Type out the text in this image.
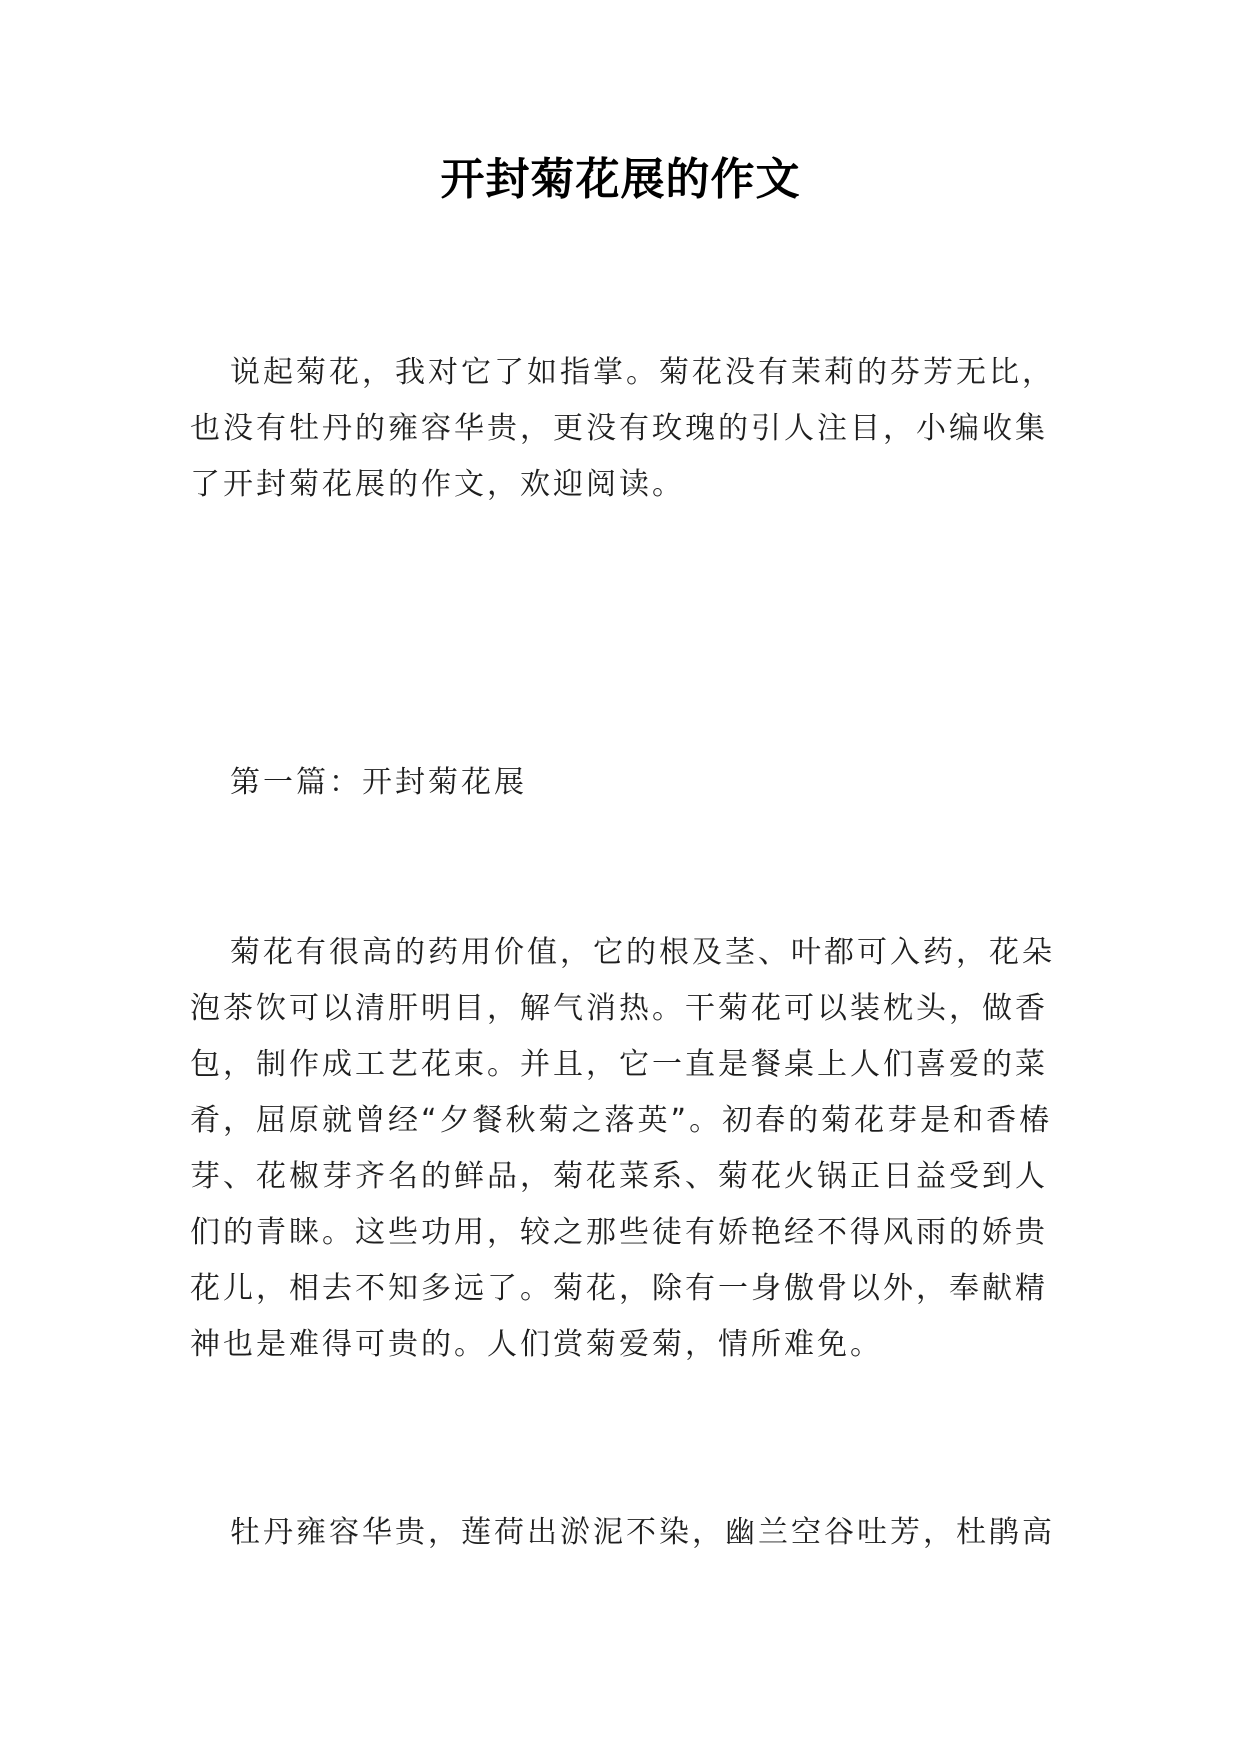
开封菊花展的作文

说起菊花，我对它了如指掌。菊花没有茉莉的芬芳无比，也没有牡丹的雍容华贵，更没有玫瑰的引人注目，小编收集了开封菊花展的作文，欢迎阅读。

第一篇：开封菊花展

菊花有很高的药用价值，它的根及茎、叶都可入药，花朵泡茶饮可以清肝明目，解气消热。干菊花可以装枕头，做香包，制作成工艺花束。并且，它一直是餐桌上人们喜爱的菜肴，屈原就曾经“夕餐秋菊之落英”。初春的菊花芽是和香椿芽、花椒芽齐名的鲜品，菊花菜系、菊花火锅正日益受到人们的青睐。这些功用，较之那些徒有娇艳经不得风雨的娇贵花儿，相去不知多远了。菊花，除有一身傲骨以外，奉献精神也是难得可贵的。人们赏菊爱菊，情所难免。

牡丹雍容华贵，莲荷出淤泥不染，幽兰空谷吐芳，杜鹃高
